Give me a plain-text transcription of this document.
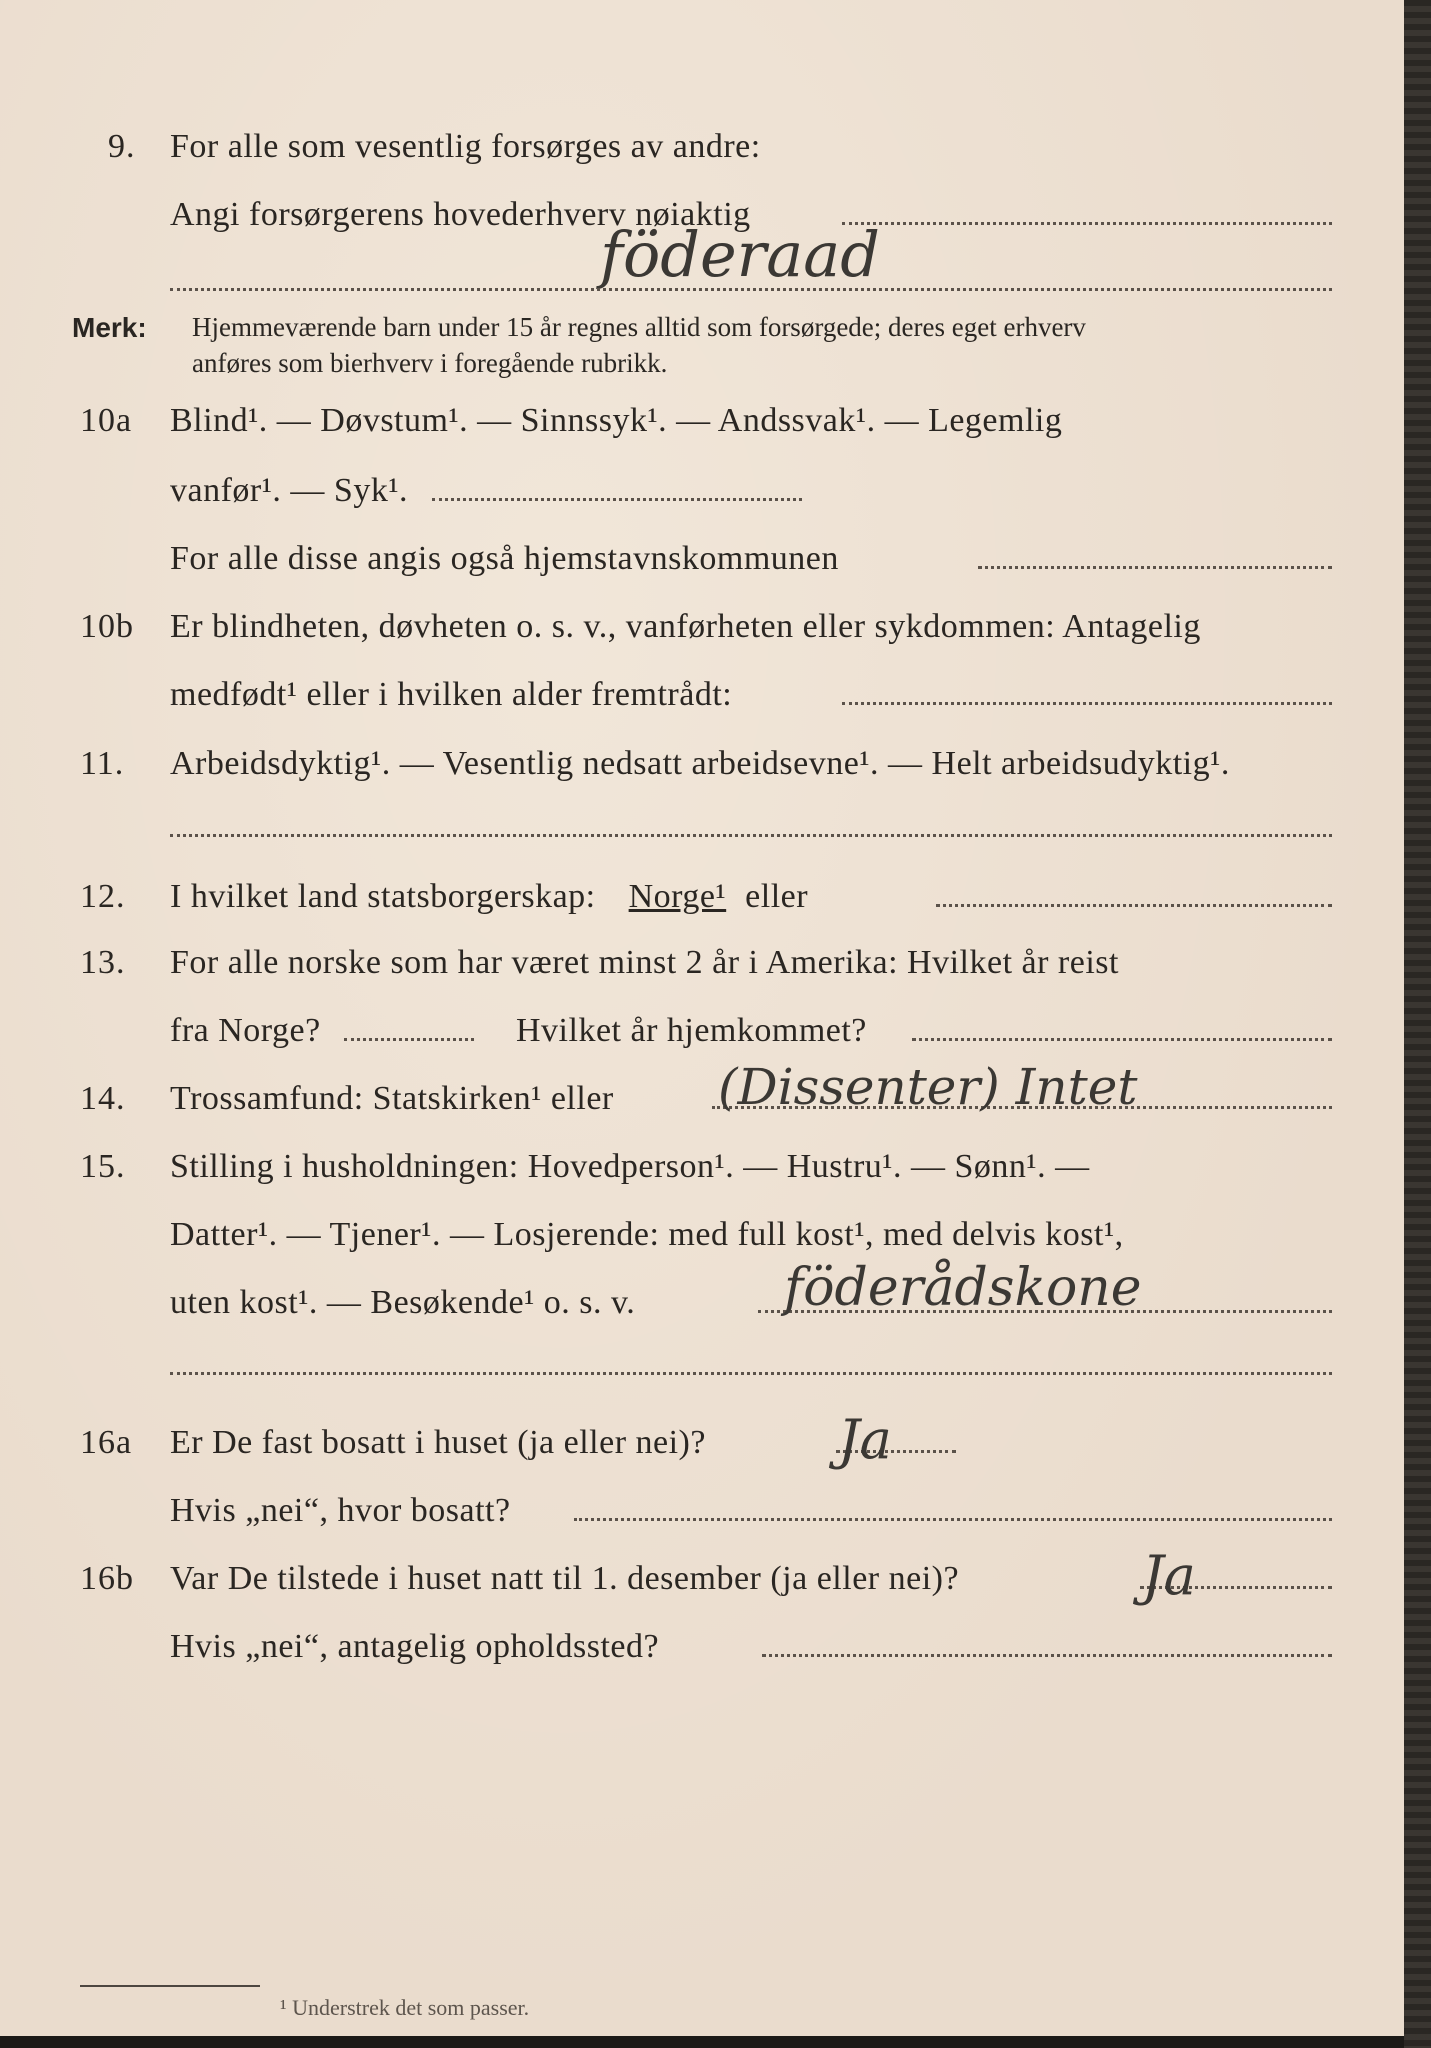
9. For alle som vesentlig forsørges av andre:
Angi forsørgerens hovederhverv nøiaktig
föderaad
Merk: Hjemmeværende barn under 15 år regnes alltid som forsørgede; deres eget erhverv
anføres som bierhverv i foregående rubrikk.
10a Blind¹. — Døvstum¹. — Sinnssyk¹. — Andssvak¹. — Legemlig
vanfør¹. — Syk¹.
For alle disse angis også hjemstavnskommunen
10b Er blindheten, døvheten o. s. v., vanførheten eller sykdommen: Antagelig
medfødt¹ eller i hvilken alder fremtrådt:
11. Arbeidsdyktig¹. — Vesentlig nedsatt arbeidsevne¹. — Helt arbeidsudyktig¹.
12. I hvilket land statsborgerskap: Norge¹ eller
13. For alle norske som har været minst 2 år i Amerika: Hvilket år reist
fra Norge?	Hvilket år hjemkommet?
14. Trossamfund: Statskirken¹ eller (Dissenter) Intet
15. Stilling i husholdningen: Hovedperson¹. — Hustru¹. — Sønn¹. —
Datter¹. — Tjener¹. — Losjerende: med full kost¹, med delvis kost¹,
uten kost¹. — Besøkende¹ o. s. v.	föderådskone
16a Er De fast bosatt i huset (ja eller nei)? Ja
Hvis „nei“, hvor bosatt?
16b Var De tilstede i huset natt til 1. desember (ja eller nei)?	Ja
Hvis „nei“, antagelig opholdssted?
¹ Understrek det som passer.
